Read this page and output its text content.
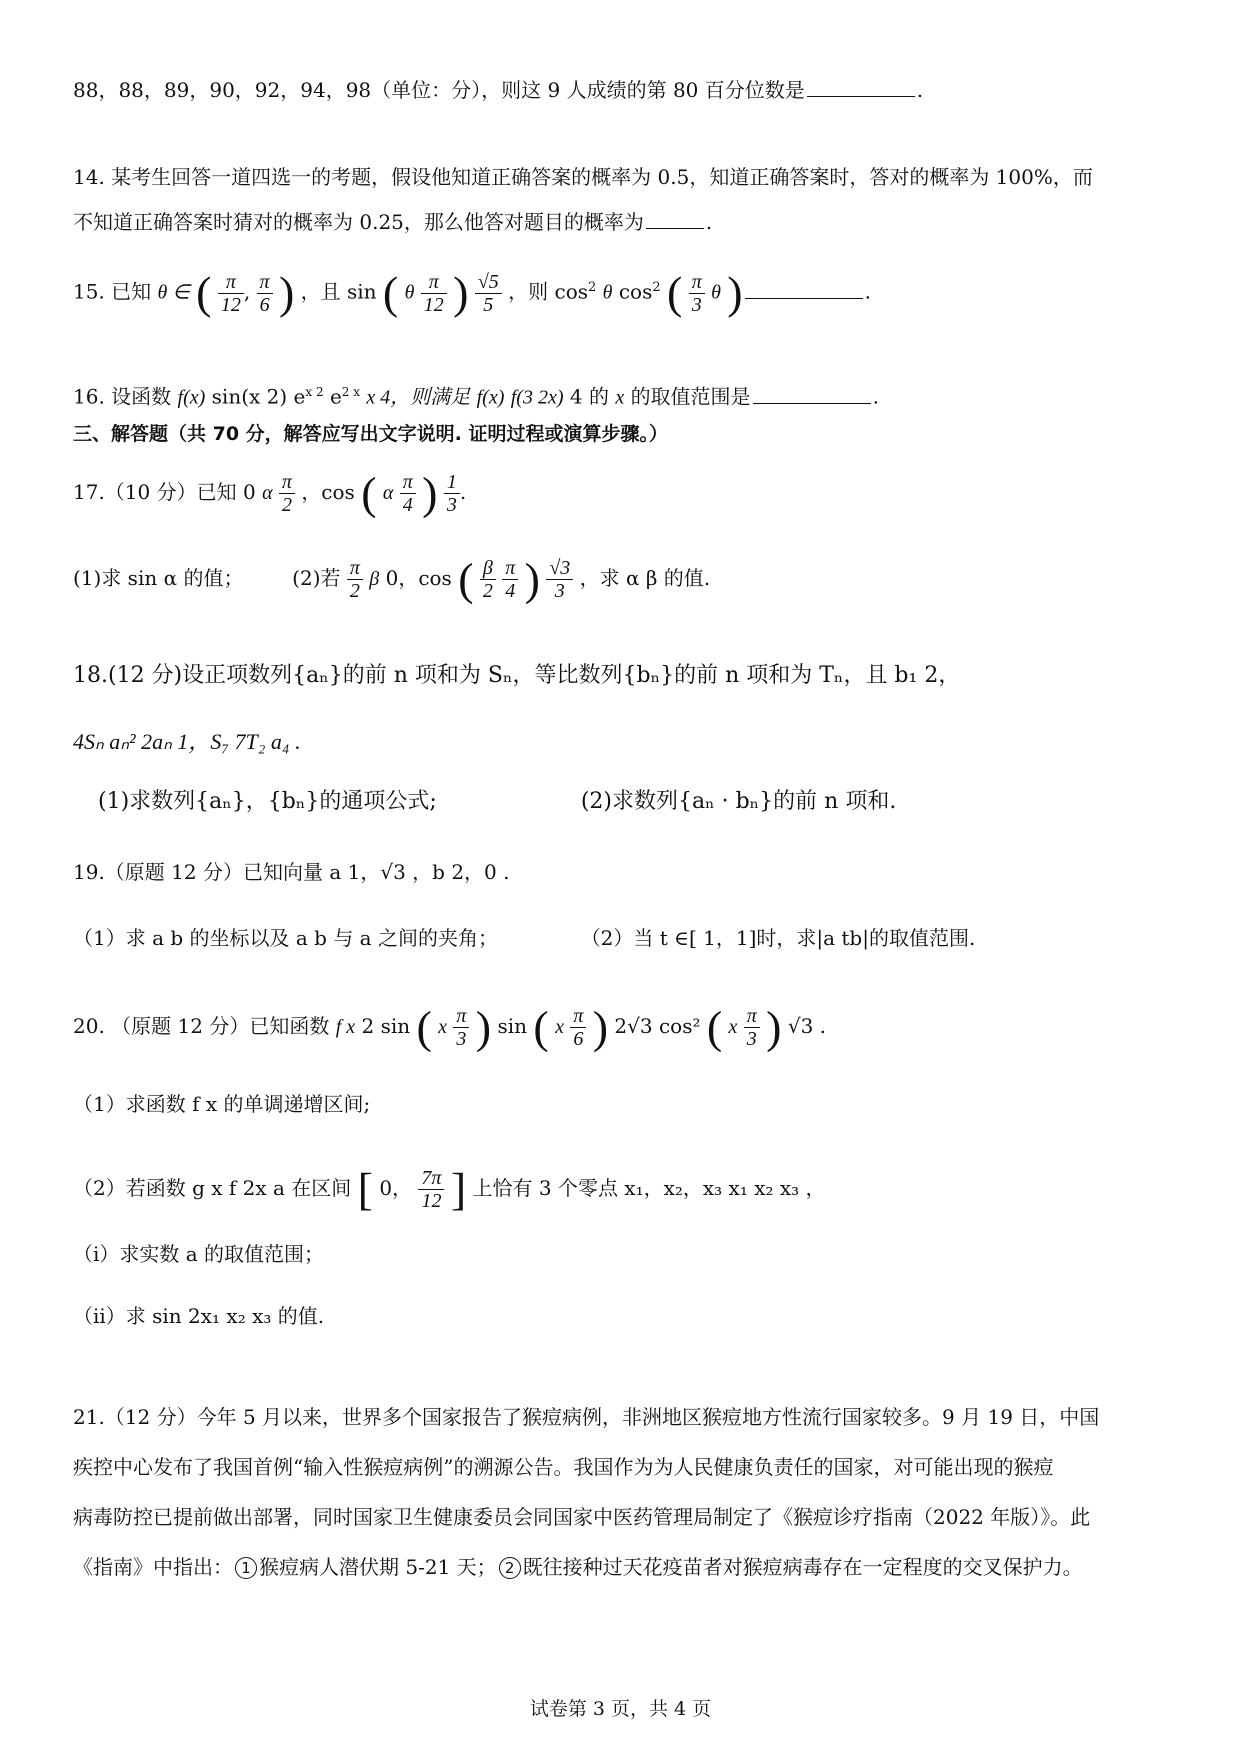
88，88，89，90，92，94，98（单位：分），则这 9 人成绩的第 80 百分位数是	.
14. 某考生回答一道四选一的考题，假设他知道正确答案的概率为 0.5，知道正确答案时，答对的概率为 100%，而
不知道正确答案时猜对的概率为 0.25，那么他答对题目的概率为	.
15. 已知 θ ∈ ( $\frac{\pi}{12}$ , $\frac{\pi}{6}$ ) ，且 sin ( θ $\frac{\pi}{12}$ ) $\frac{√5}{5}$ ，则 $\cos^2 \theta$ $\cos^2$ ( $\frac{\pi}{3}$ θ )	.
16. 设函数 f(x) sin(x 2) $e^{x 2}$ $e^{2 x}$ x 4，则满足 f(x) f(3 2x) 4 的 x 的取值范围是	.
三、解答题（共 70 分，解答应写出文字说明. 证明过程或演算步骤。）
17.（10 分）已知 0 α $\frac{\pi}{2}$ ，cos ( α $\frac{\pi}{4}$ ) $\frac{1}{3}$ .
(1)求 sin α 的值； (2)若 $\frac{\pi}{2}$ β 0，cos ( $\frac{\beta}{2}$
$\frac{\pi}{4}$ ) $\frac{√3}{3}$ ，求 α β 的值.
18.(12 分)设正项数列{aₙ}的前 n 项和为 Sₙ，等比数列{bₙ}的前 n 项和为 Tₙ，且 b₁ 2，
4Sₙ aₙ² 2aₙ 1，S₇ 7T₂ a₄ .
(1)求数列{aₙ}，{bₙ}的通项公式;	(2)求数列{aₙ · bₙ}的前 n 项和.
19.（原题 12 分）已知向量 a 1，√3 ，b 2，0 .
（1）求 a b 的坐标以及 a b 与 a 之间的夹角；	（2）当 t ∈[ 1，1]时，求|a tb|的取值范围.
20. （原题 12 分）已知函数 f x 2 sin ( x $\frac{\pi}{3}$ ) sin ( x $\frac{\pi}{6}$ ) 2√3 cos² ( x $\frac{\pi}{3}$ ) √3 .
（1）求函数 f x 的单调递增区间;
（2）若函数 g x f 2x a 在区间 [ 0， $\frac{7\pi}{12}$ ] 上恰有 3 个零点 x₁，x₂，x₃ x₁ x₂ x₃ ，
（i）求实数 a 的取值范围；
（ii）求 sin 2x₁ x₂ x₃ 的值.
21.（12 分）今年 5 月以来，世界多个国家报告了猴痘病例，非洲地区猴痘地方性流行国家较多。9 月 19 日，中国
疾控中心发布了我国首例“输入性猴痘病例”的溯源公告。我国作为为人民健康负责任的国家，对可能出现的猴痘
病毒防控已提前做出部署，同时国家卫生健康委员会同国家中医药管理局制定了《猴痘诊疗指南（2022 年版）》。此
《指南》中指出： 1 猴痘病人潜伏期 5-21 天； 2 既往接种过天花疫苗者对猴痘病毒存在一定程度的交叉保护力。
试卷第 3 页，共 4 页
